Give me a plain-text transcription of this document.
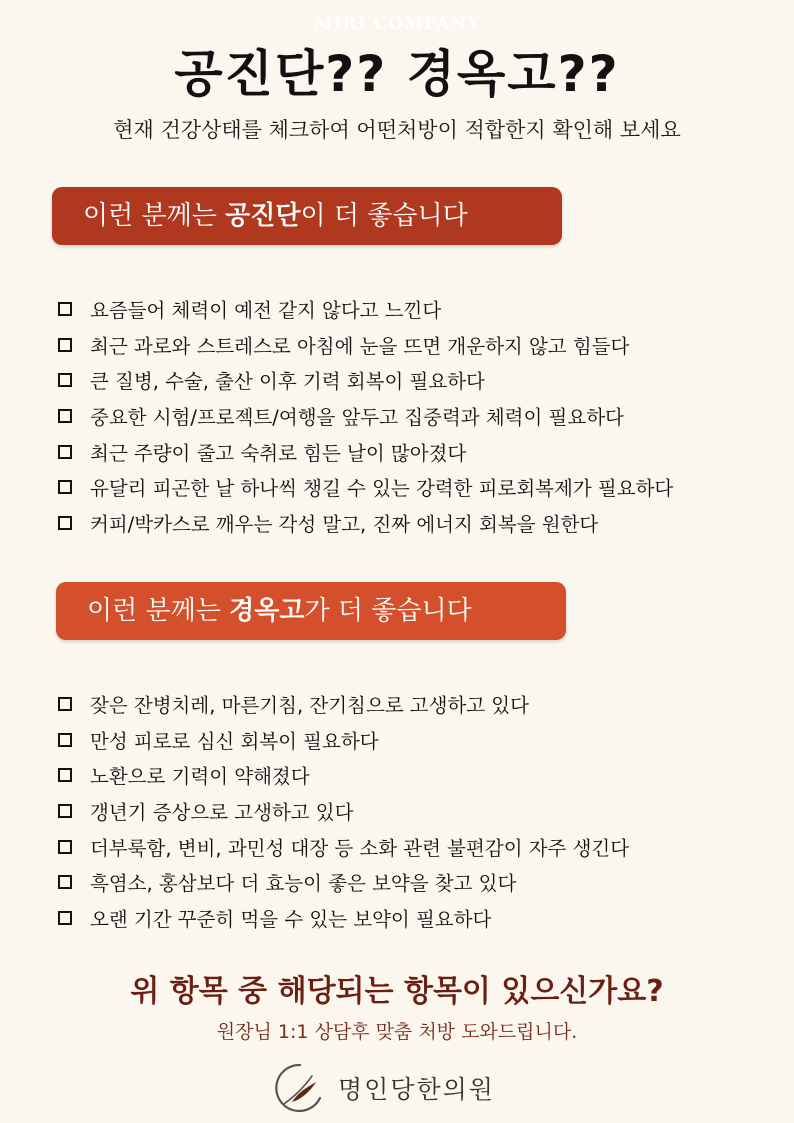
MIRI COMPANY
공진단?? 경옥고??
현재 건강상태를 체크하여 어떤처방이 적합한지 확인해 보세요
이런 분께는 공진단이 더 좋습니다
요즘들어 체력이 예전 같지 않다고 느낀다
최근 과로와 스트레스로 아침에 눈을 뜨면 개운하지 않고 힘들다
큰 질병, 수술, 출산 이후 기력 회복이 필요하다
중요한 시험/프로젝트/여행을 앞두고 집중력과 체력이 필요하다
최근 주량이 줄고 숙취로 힘든 날이 많아졌다
유달리 피곤한 날 하나씩 챙길 수 있는 강력한 피로회복제가 필요하다
커피/박카스로 깨우는 각성 말고, 진짜 에너지 회복을 원한다
이런 분께는 경옥고가 더 좋습니다
잦은 잔병치레, 마른기침, 잔기침으로 고생하고 있다
만성 피로로 심신 회복이 필요하다
노환으로 기력이 약해졌다
갱년기 증상으로 고생하고 있다
더부룩함, 변비, 과민성 대장 등 소화 관련 불편감이 자주 생긴다
흑염소, 홍삼보다 더 효능이 좋은 보약을 찾고 있다
오랜 기간 꾸준히 먹을 수 있는 보약이 필요하다
위 항목 중 해당되는 항목이 있으신가요?
원장님 1:1 상담후 맞춤 처방 도와드립니다.
명인당한의원
